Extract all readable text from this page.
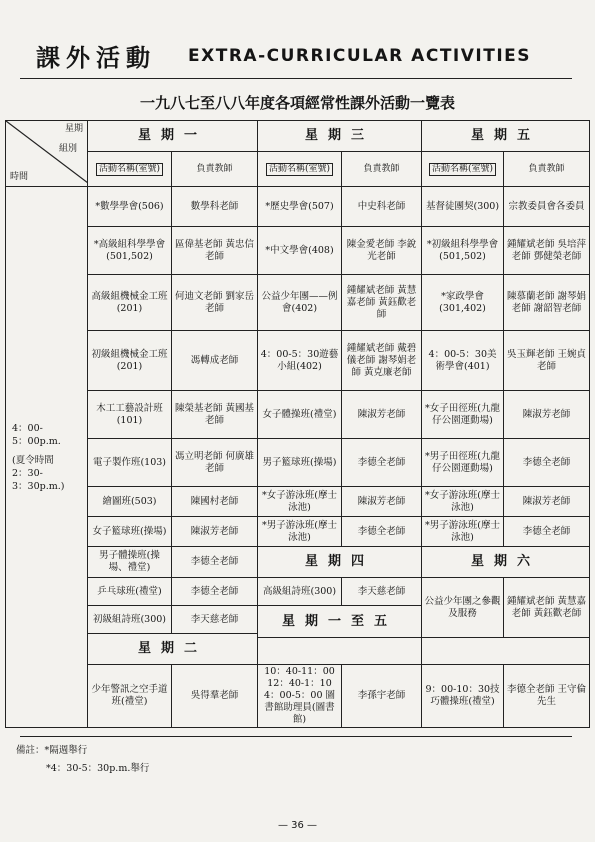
課外活動 EXTRA-CURRICULAR ACTIVITIES
一九八七至八八年度各項經常性課外活動一覽表
星期
組別
時間	星期一		星期三		星期五	
	活動名稱(室號)	負責教師	活動名稱(室號)	負責教師	活動名稱(室號)	負責教師

4：00-
5：00p.m.
(夏令時間
2：30-
3：30p.m.)	*數學學會(506)	數學科老師	*歷史學會(507)	中史科老師	基督徒團契(300)	宗教委員會各委員
	*高級組科學學會(501,502)	區偉基老師 黃忠信老師	*中文學會(408)	陳金愛老師 李銳光老師	*初級組科學學會(501,502)	鍾耀斌老師 吳培萍老師 鄧健榮老師
	高級組機械金工班(201)	何迪文老師 劉家岳老師	公益少年團——例會(402)	鍾耀斌老師 黃慧嘉老師 黃鈺歡老師	*家政學會(301,402)	陳慕蘭老師 謝琴娟老師 謝韶智老師
	初級組機械金工班(201)	馮轉成老師	4：00-5：30遊藝小組(402)	鍾耀斌老師 戴碧儀老師 謝琴娟老師 黃克廉老師	4：00-5：30美術學會(401)	吳玉輝老師 王婉貞老師
	木工工藝設計班(101)	陳榮基老師 黃國基老師	女子體操班(禮堂)	陳淑芳老師	*女子田徑班(九龍仔公園運動場)	陳淑芳老師
	電子製作班(103)	馮立明老師 何廣雄老師	男子籃球班(操場)	李德全老師	*男子田徑班(九龍仔公園運動場)	李德全老師
	繪圖班(503)	陳國村老師	*女子游泳班(摩士泳池)	陳淑芳老師	*女子游泳班(摩士泳池)	陳淑芳老師
	女子籃球班(操場)	陳淑芳老師	*男子游泳班(摩士泳池)	李德全老師	*男子游泳班(摩士泳池)	李德全老師
	男子體操班(操場、禮堂)	李德全老師	星期四		星期六	
	乒乓球班(禮堂)	李德全老師	高級組詩班(300)	李天慈老師	公益少年團之參觀及服務	鍾耀斌老師 黃慧嘉老師 黃鈺歡老師
	初級組詩班(300)	李天慈老師	星期一至五			
	星期二					

	少年警訊之空手道班(禮堂)	吳得羣老師	10：40-11：00 12：40-1：10 4：00-5：00 圖書館助理員(圖書館)	李孫宇老師	9：00-10：30技巧體操班(禮堂)	李德全老師 王守倫先生
備註：*隔週舉行
*4：30-5：30p.m.舉行
— 36 —
